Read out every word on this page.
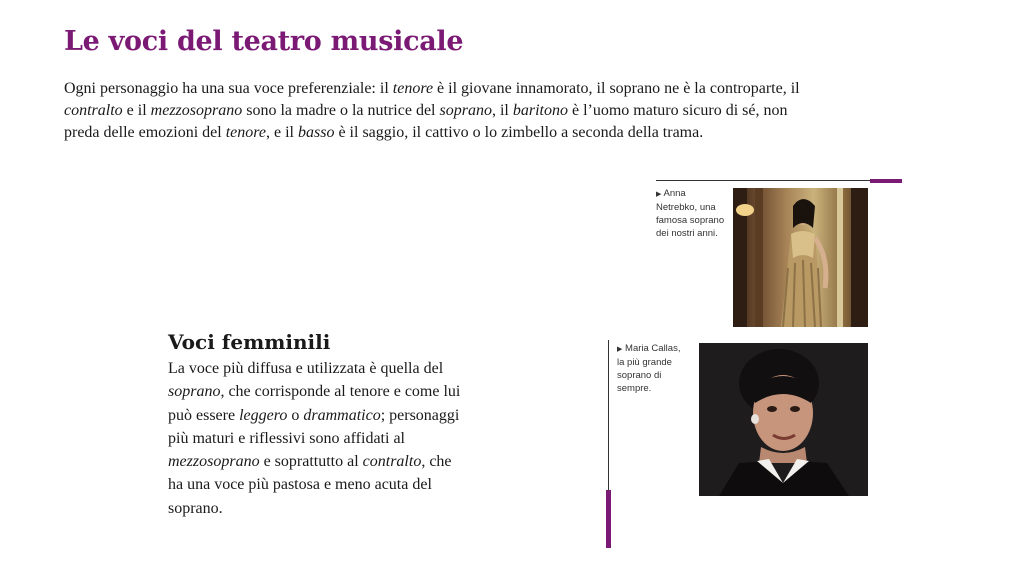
Le voci del teatro musicale

Ogni personaggio ha una sua voce preferenziale: il tenore è il giovane innamorato, il soprano ne è la controparte, il contralto e il mezzosoprano sono la madre o la nutrice del soprano, il baritono è l’uomo maturo sicuro di sé, non preda delle emozioni del tenore, e il basso è il saggio, il cattivo o lo zimbello a seconda della trama.

▶ Anna Netrebko, una famosa soprano dei nostri anni.
▶ Maria Callas, la più grande soprano di sempre.
Voci femminili

La voce più diffusa e utilizzata è quella del soprano, che corrisponde al tenore e come lui può essere leggero o drammatico; personaggi più maturi e riflessivi sono affidati al mezzosoprano e soprattutto al contralto, che ha una voce più pastosa e meno acuta del soprano.
